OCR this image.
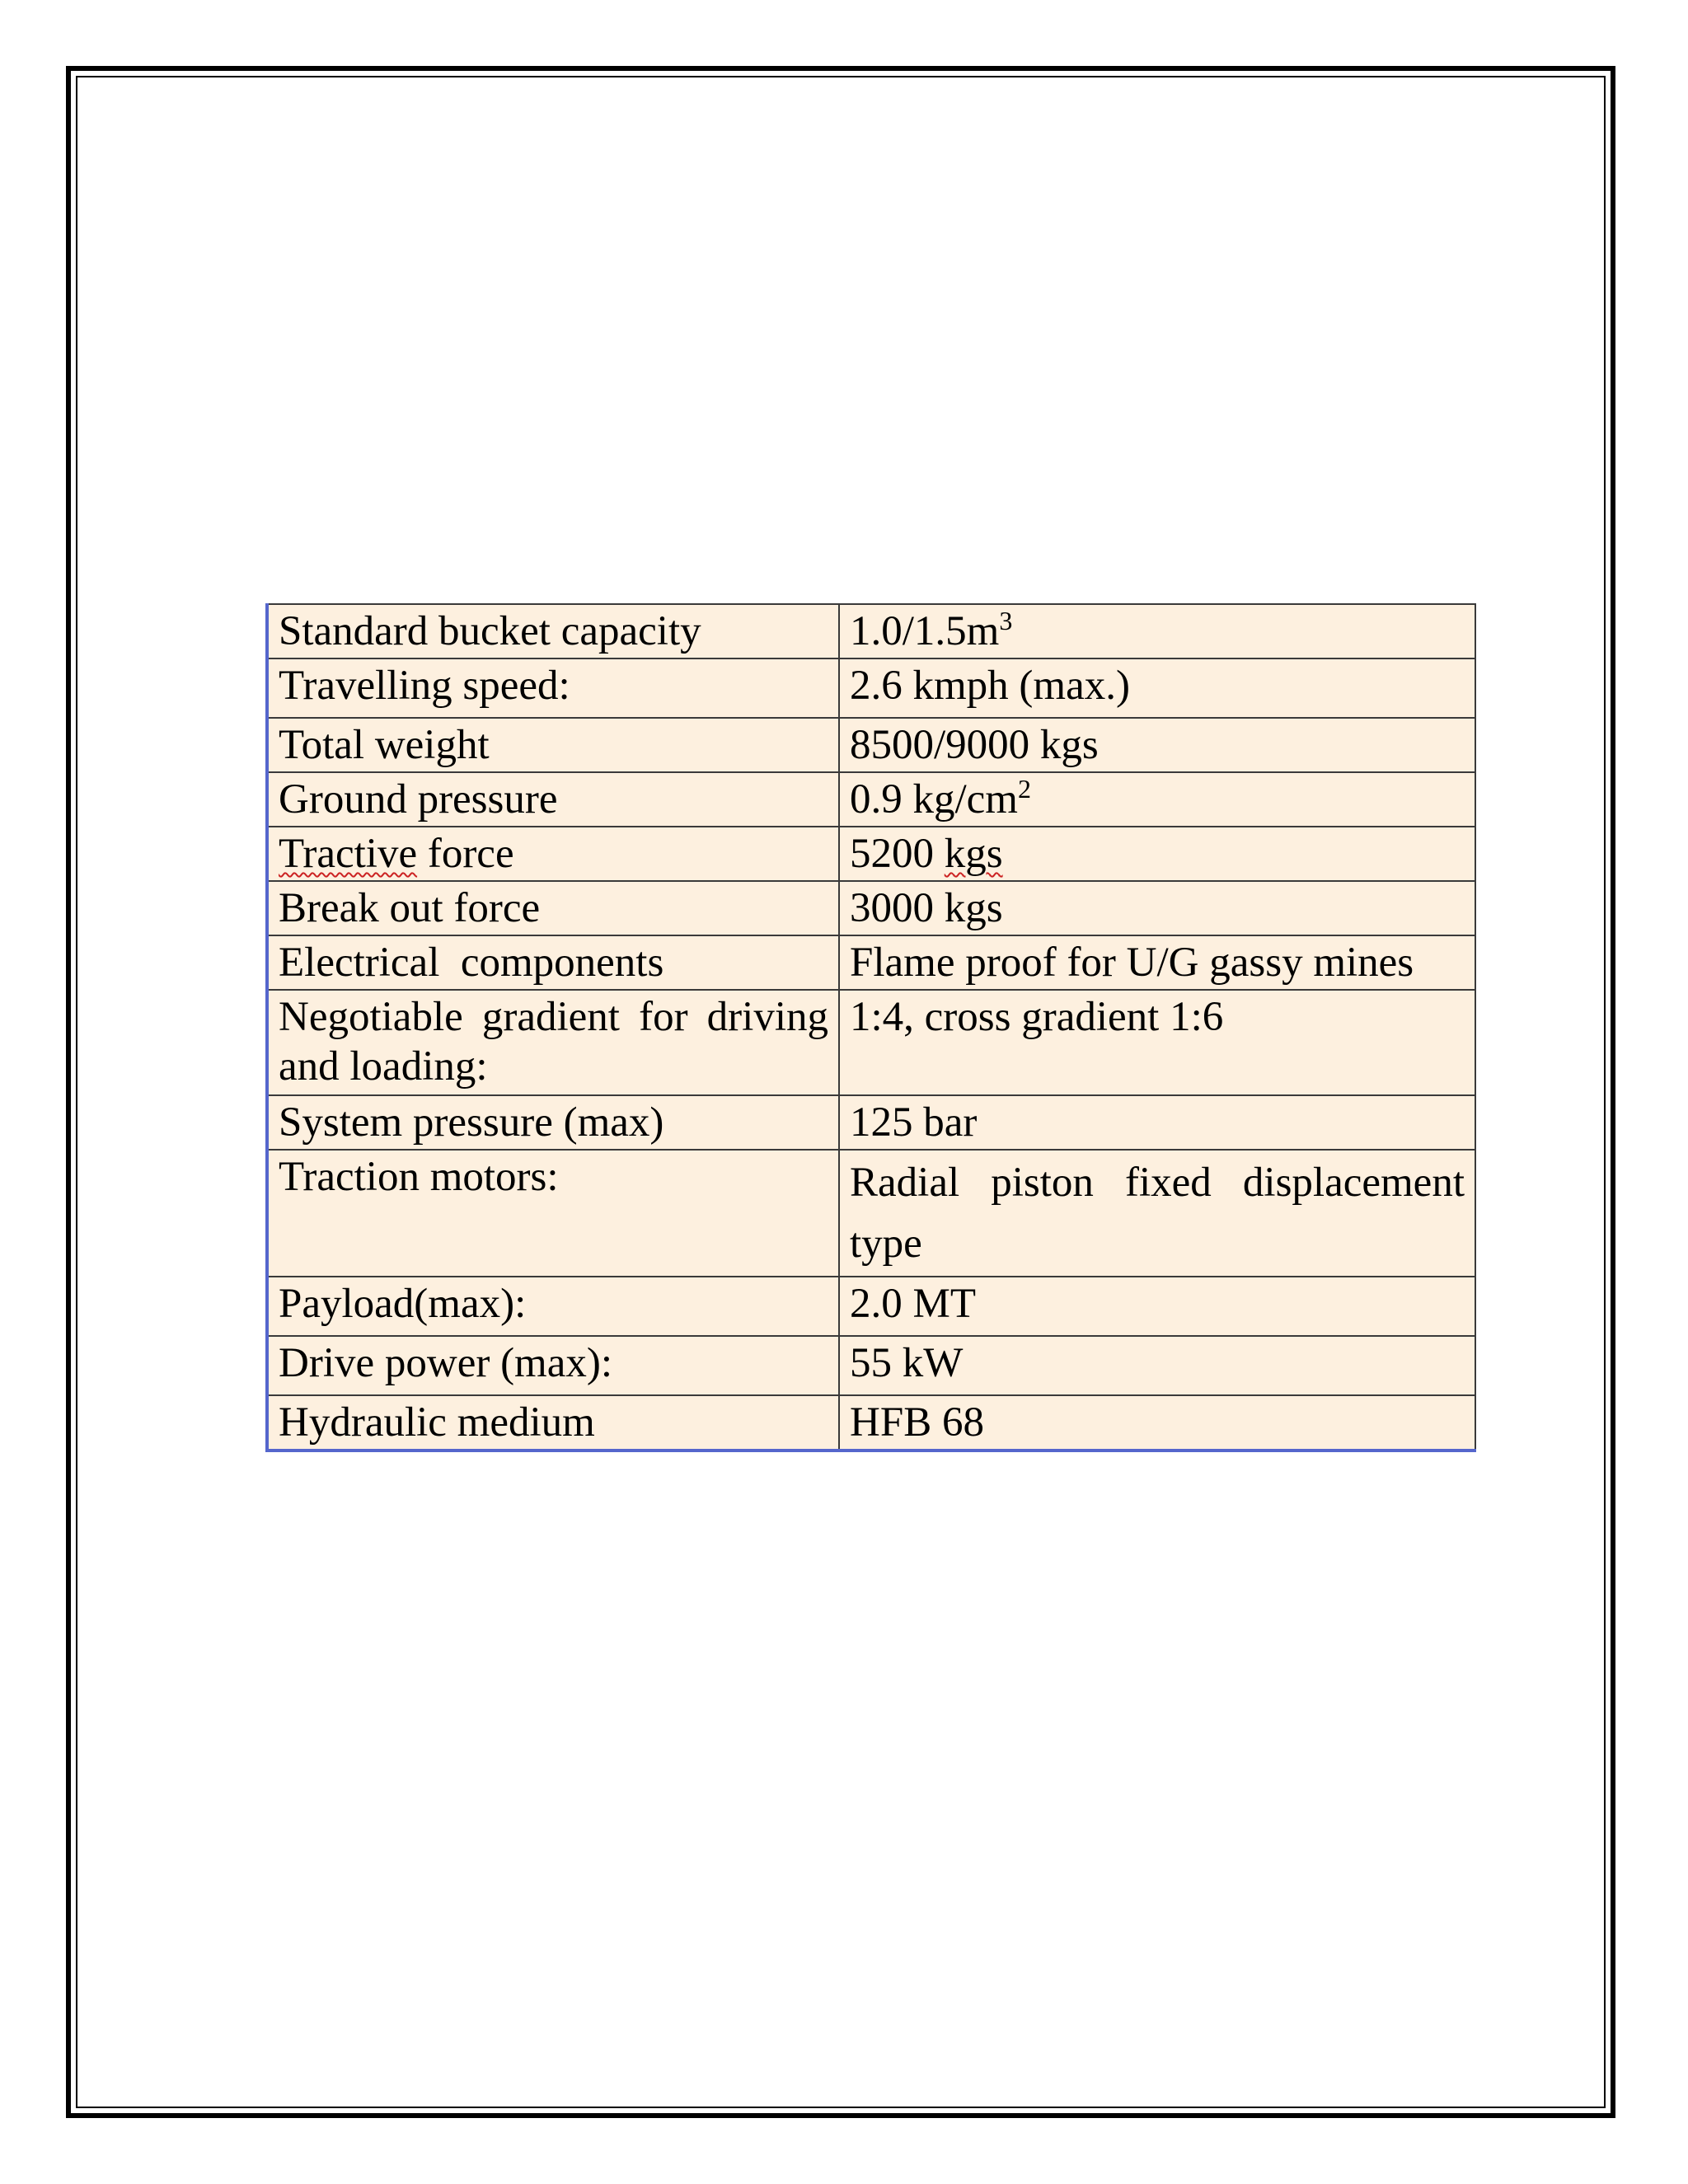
Standard bucket capacity	$1.0/1.5m^3$
Travelling speed:	2.6 kmph (max.)
Total weight	8500/9000 kgs
Ground pressure	0.9 $kg/cm^2$
Tractive force	5200 kgs
Break out force	3000 kgs
Electrical  components	Flame proof for U/G gassy mines
Negotiable gradient for driving and loading:	1:4, cross gradient 1:6
System pressure (max)	125 bar
Traction motors:	Radial piston fixed displacement type
Payload(max):	2.0 MT
Drive power (max):	55 kW
Hydraulic medium	HFB 68
